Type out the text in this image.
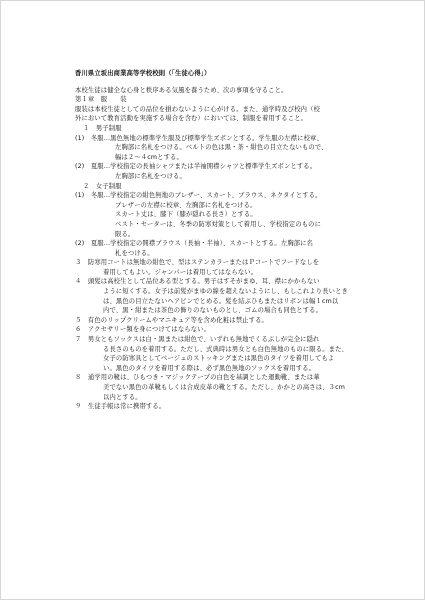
香川県立坂出商業高等学校校則（「生徒心得」）
本校生徒は健全な心身と秩序ある気風を養うため、次の事項を守ること。
第１章　服　　装
服装は本校生徒としての品位を損わないように心がける。また、通学時及び校内（校
外において教育活動を実施する場合を含む）においては、制服を着用すること。
１　男子制服
(1)　冬服…黒色無地の標準学生服及び標準学生ズボンとする。学生服の左襟に校章、
左胸部に名札をつける。ベルトの色は黒・茶・紺色の目立たないもので、
幅は２～４cmとする。
(2)　夏服…学校指定の長袖シャツまたは半袖開襟シャツと標準学生ズボンとする。
左胸部に名札をつける。
２　女子制服
(1)　冬服…学校指定の紺色無地のブレザー、スカート、ブラウス、ネクタイとする。
ブレザーの左襟に校章、左胸部に名札をつける。
スカート丈は、膝下（膝が隠れる長さ）とする。
ベスト・セーターは、冬季の防寒対策として着用し、学校指定のものに
限る。
(2)　夏服…学校指定の開襟ブラウス（長袖・半袖）、スカートとする。左胸部に名
札をつける。
３　防寒用コートは無地の紺色で、型はステンカラーまたはＰコートでフードなしを
着用してもよい。ジャンパーは着用してはならない。
４　頭髪は高校生として品位ある型とする。男子はすそがまゆ、耳、襟にかからない
ように短くする。女子は前髪がまゆの線を超えないようにし、もしこれより長いとき
は、黒色の目立たないヘアピンでとめる。髪を結ぶひもまたはリボンは幅１cm以
内で、黒・紺または茶色の飾りのないものとし、ゴムの場合も同色とする。
５　有色のリップクリームやマニキュア等を含め化粧は禁止する。
６　アクセサリー類を身につけてはならない。
７　男女ともソックスは白・黒または紺色で、いずれも無地でくるぶしが完全に隠れ
る長さのものを着用する。ただし、式典時は男女とも白色無地のものに限る。また、
女子の防寒具としてベージュのストッキングまたは黒色のタイツを着用してもよ
い。黒色のタイツを着用する際は、必ず黒色無地のソックスを着用する。
８　通学用の靴は、ひもつき・マジックテープの白色を基調とした運動靴、または華
美でない黒色の革靴もしくは合成皮革の靴とする。ただし、かかとの高さは、３cm
以内とする。
９　生徒手帳は常に携帯する。
